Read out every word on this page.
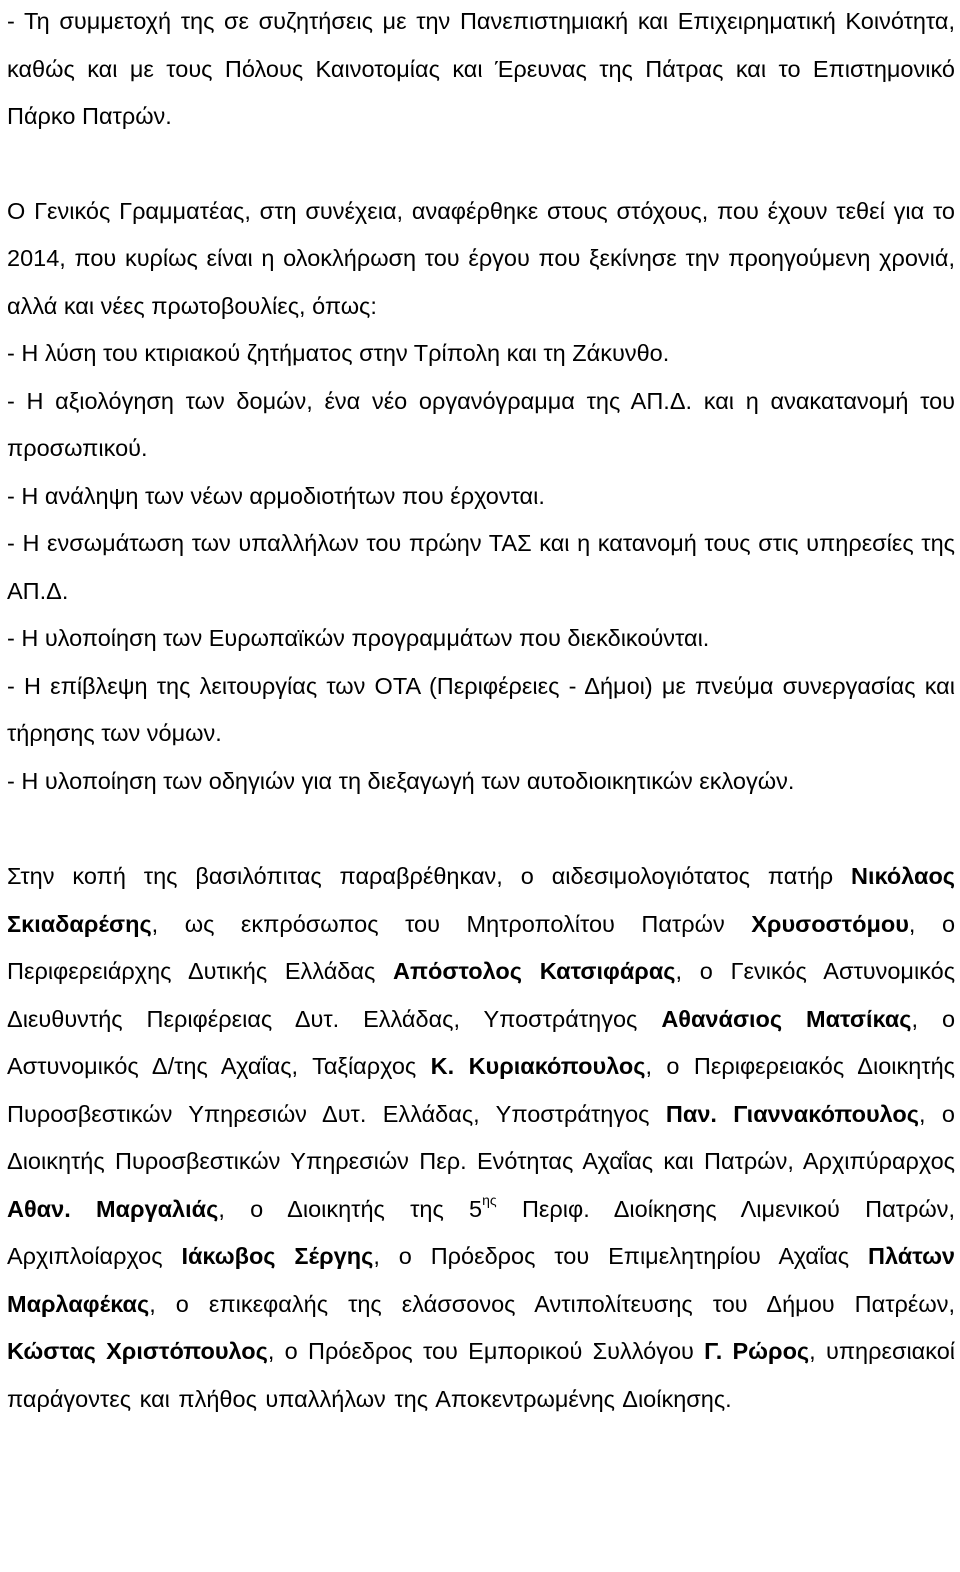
- Τη συμμετοχή της σε συζητήσεις με την Πανεπιστημιακή και Επιχειρηματική Κοινότητα, καθώς και με τους Πόλους Καινοτομίας και Έρευνας της Πάτρας και το Επιστημονικό Πάρκο Πατρών.

Ο Γενικός Γραμματέας, στη συνέχεια, αναφέρθηκε στους στόχους, που έχουν τεθεί για το 2014, που κυρίως είναι η ολοκλήρωση του έργου που ξεκίνησε την προηγούμενη χρονιά, αλλά και νέες πρωτοβουλίες, όπως:

- Η λύση του κτιριακού ζητήματος στην Τρίπολη και τη Ζάκυνθο.

- Η αξιολόγηση των δομών, ένα νέο οργανόγραμμα της ΑΠ.Δ. και η ανακατανομή του προσωπικού.

- Η ανάληψη των νέων αρμοδιοτήτων που έρχονται.

- Η ενσωμάτωση των υπαλλήλων του πρώην ΤΑΣ και η κατανομή τους στις υπηρεσίες της ΑΠ.Δ.

- Η υλοποίηση των Ευρωπαϊκών προγραμμάτων που διεκδικούνται.

- Η επίβλεψη της λειτουργίας των ΟΤΑ (Περιφέρειες - Δήμοι) με πνεύμα συνεργασίας και τήρησης των νόμων.

- Η υλοποίηση των οδηγιών για τη διεξαγωγή των αυτοδιοικητικών εκλογών.

Στην κοπή της βασιλόπιτας παραβρέθηκαν, ο αιδεσιμολογιότατος πατήρ Νικόλαος Σκιαδαρέσης, ως εκπρόσωπος του Μητροπολίτου Πατρών Χρυσοστόμου, ο Περιφερειάρχης Δυτικής Ελλάδας Απόστολος Κατσιφάρας, ο Γενικός Αστυνομικός Διευθυντής Περιφέρειας Δυτ. Ελλάδας, Υποστράτηγος Αθανάσιος Ματσίκας, ο Αστυνομικός Δ/της Αχαΐας, Ταξίαρχος Κ. Κυριακόπουλος, ο Περιφερειακός Διοικητής Πυροσβεστικών Υπηρεσιών Δυτ. Ελλάδας, Υποστράτηγος Παν. Γιαννακόπουλος, ο Διοικητής Πυροσβεστικών Υπηρεσιών Περ. Ενότητας Αχαΐας και Πατρών, Αρχιπύραρχος Αθαν. Μαργαλιάς, ο Διοικητής της $5^{\eta\varsigma}$ Περιφ. Διοίκησης Λιμενικού Πατρών, Αρχιπλοίαρχος Ιάκωβος Σέργης, ο Πρόεδρος του Επιμελητηρίου Αχαΐας Πλάτων Μαρλαφέκας, ο επικεφαλής της ελάσσονος Αντιπολίτευσης του Δήμου Πατρέων, Κώστας Χριστόπουλος, ο Πρόεδρος του Εμπορικού Συλλόγου Γ. Ρώρος, υπηρεσιακοί παράγοντες και πλήθος υπαλλήλων της Αποκεντρωμένης Διοίκησης.
